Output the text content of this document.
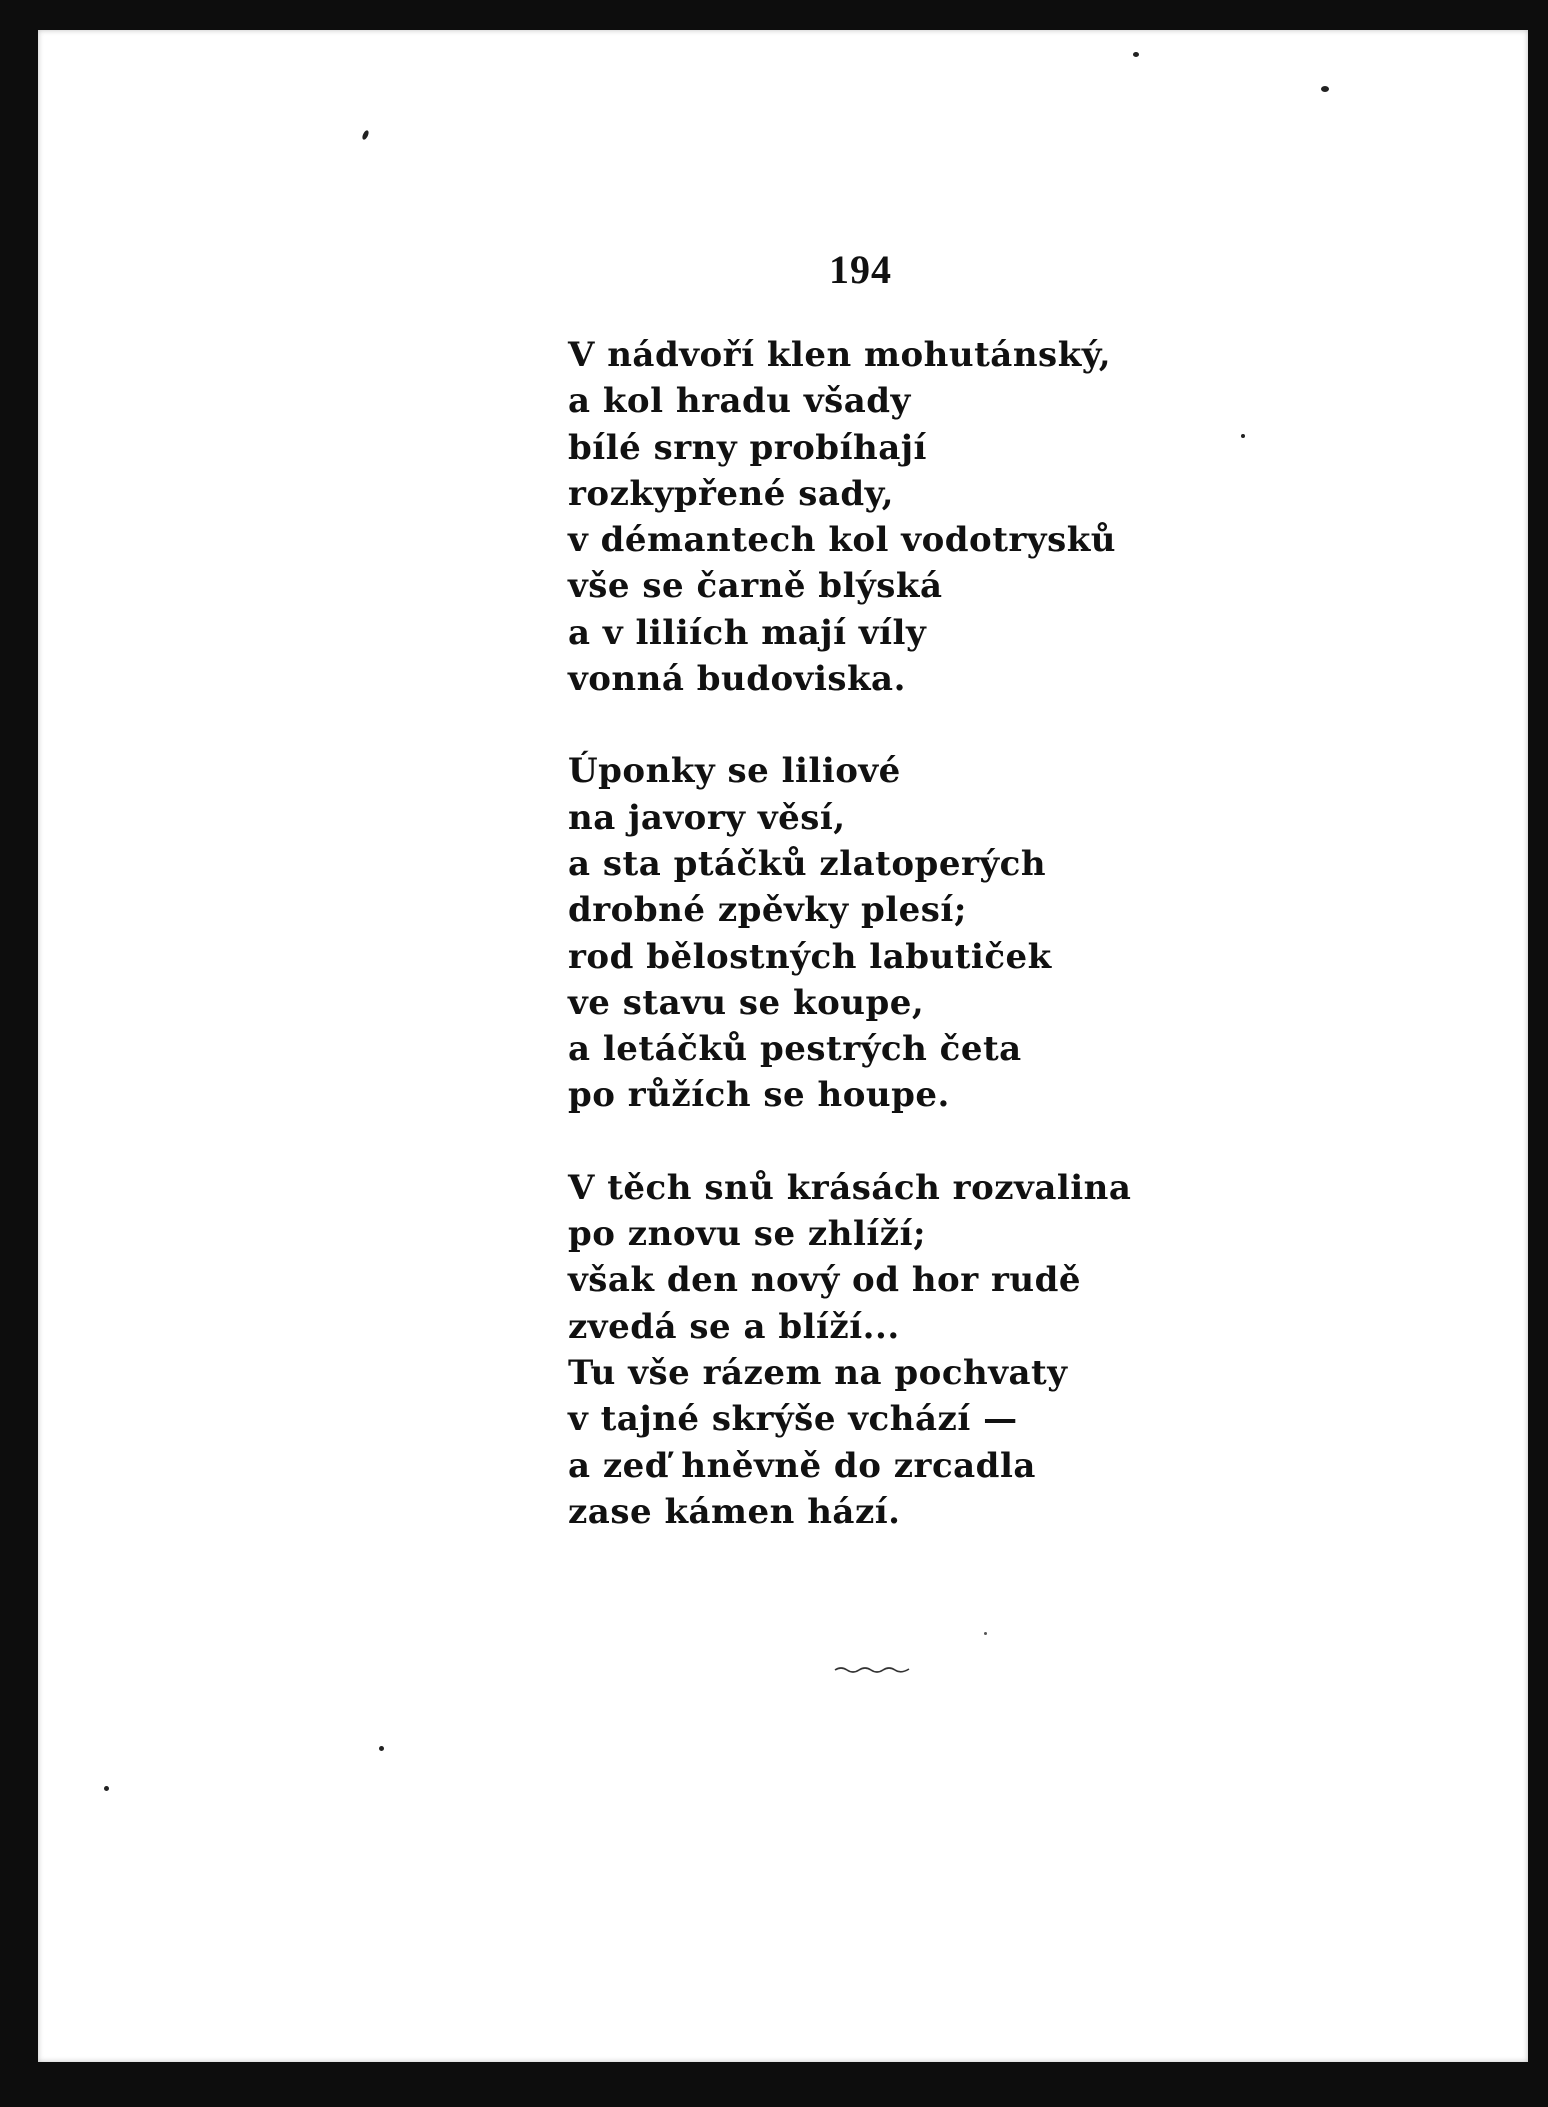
194
V nádvoří klen mohutánský,
a kol hradu všady
bílé srny probíhají
rozkypřené sady,
v démantech kol vodotrysků
vše se čarně blýská
a v liliích mají víly
vonná budoviska.
Úponky se liliové
na javory věsí,
a sta ptáčků zlatoperých
drobné zpěvky plesí;
rod bělostných labutiček
ve stavu se koupe,
a letáčků pestrých četa
po růžích se houpe.
V těch snů krásách rozvalina
po znovu se zhlíží;
však den nový od hor rudě
zvedá se a blíží...
Tu vše rázem na pochvaty
v tajné skrýše vchází —
a zeď hněvně do zrcadla
zase kámen hází.
